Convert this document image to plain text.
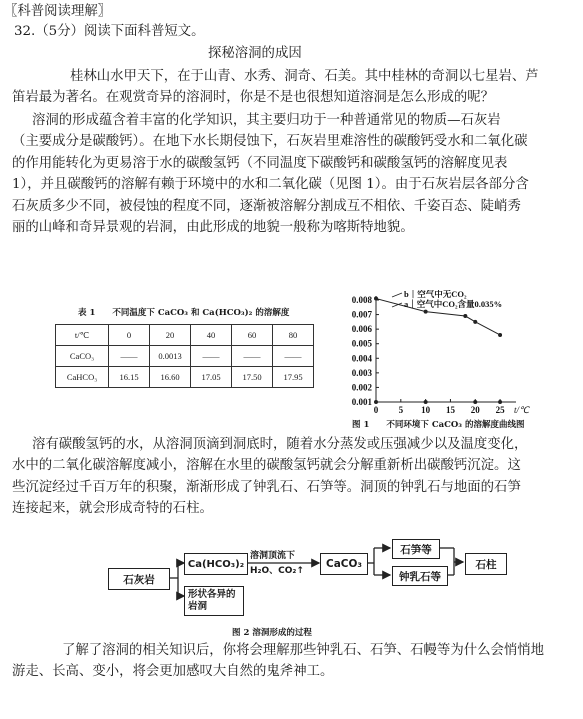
〖科普阅读理解〗
32.（5分）阅读下面科普短文。
探秘溶洞的成因
桂林山水甲天下，在于山青、水秀、洞奇、石美。其中桂林的奇洞以七星岩、芦
笛岩最为著名。在观赏奇异的溶洞时，你是不是也很想知道溶洞是怎么形成的呢？
溶洞的形成蕴含着丰富的化学知识，其主要归功于一种普通常见的物质—石灰岩
（主要成分是碳酸钙）。在地下水长期侵蚀下，石灰岩里难溶性的碳酸钙受水和二氧化碳
的作用能转化为更易溶于水的碳酸氢钙（不同温度下碳酸钙和碳酸氢钙的溶解度见表
1），并且碳酸钙的溶解有赖于环境中的水和二氧化碳（见图 1）。由于石灰岩层各部分含
石灰质多少不同，被侵蚀的程度不同，逐渐被溶解分割成互不相依、千姿百态、陡峭秀
丽的山峰和奇异景观的岩洞，由此形成的地貌一般称为喀斯特地貌。
表 1　　不同温度下 CaCO₃ 和 Ca(HCO₃)₂ 的溶解度
t/℃	0	20	40	60	80
CaCO₃	——	0.0013	——	——	——
CaHCO₃	16.15	16.60	17.05	17.50	17.95
0.001
0.002
0.003
0.004
0.005
0.006
0.007
0.008
0 5 10 15 20 25 t/℃
b｜空气中无CO₂
a｜空气中CO₂含量0.035%
图 1　　不同环境下 CaCO₃ 的溶解度曲线图
溶有碳酸氢钙的水，从溶洞顶滴到洞底时，随着水分蒸发或压强减少以及温度变化，
水中的二氧化碳溶解度减小，溶解在水里的碳酸氢钙就会分解重新析出碳酸钙沉淀。这
些沉淀经过千百万年的积聚，渐渐形成了钟乳石、石笋等。洞顶的钟乳石与地面的石笋
连接起来，就会形成奇特的石柱。
石灰岩
Ca(HCO₃)₂
形状各异的岩洞
溶洞顶流下
H₂O、CO₂↑
CaCO₃
石笋等
钟乳石等
石柱
图 2 溶洞形成的过程
了解了溶洞的相关知识后，你将会理解那些钟乳石、石笋、石幔等为什么会悄悄地
游走、长高、变小，将会更加感叹大自然的鬼斧神工。
